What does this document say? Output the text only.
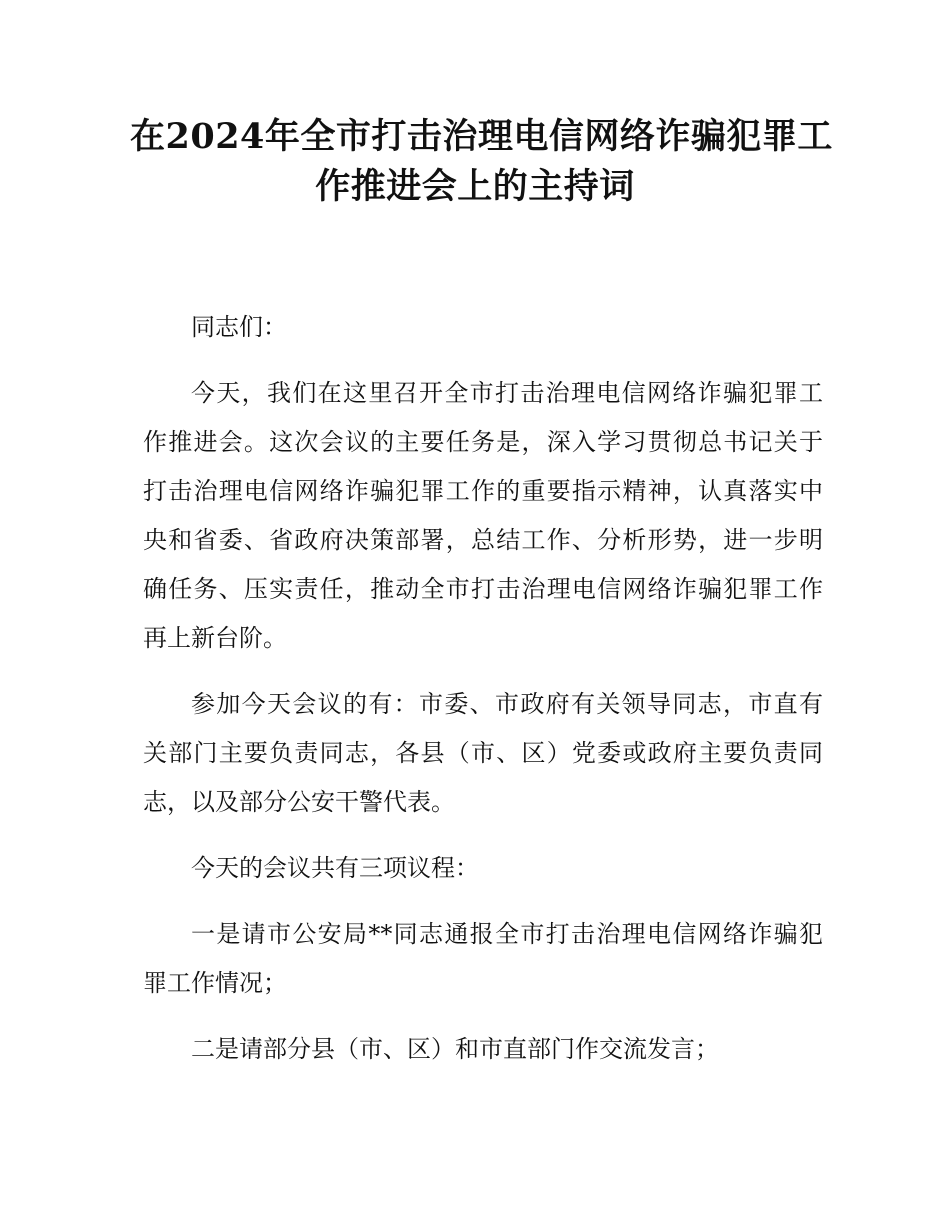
在2024年全市打击治理电信网络诈骗犯罪工
作推进会上的主持词

同志们：

今天，我们在这里召开全市打击治理电信网络诈骗犯罪工
作推进会。这次会议的主要任务是，深入学习贯彻总书记关于
打击治理电信网络诈骗犯罪工作的重要指示精神，认真落实中
央和省委、省政府决策部署，总结工作、分析形势，进一步明
确任务、压实责任，推动全市打击治理电信网络诈骗犯罪工作
再上新台阶。

参加今天会议的有：市委、市政府有关领导同志，市直有
关部门主要负责同志，各县（市、区）党委或政府主要负责同
志，以及部分公安干警代表。

今天的会议共有三项议程：

一是请市公安局**同志通报全市打击治理电信网络诈骗犯
罪工作情况；

二是请部分县（市、区）和市直部门作交流发言；
